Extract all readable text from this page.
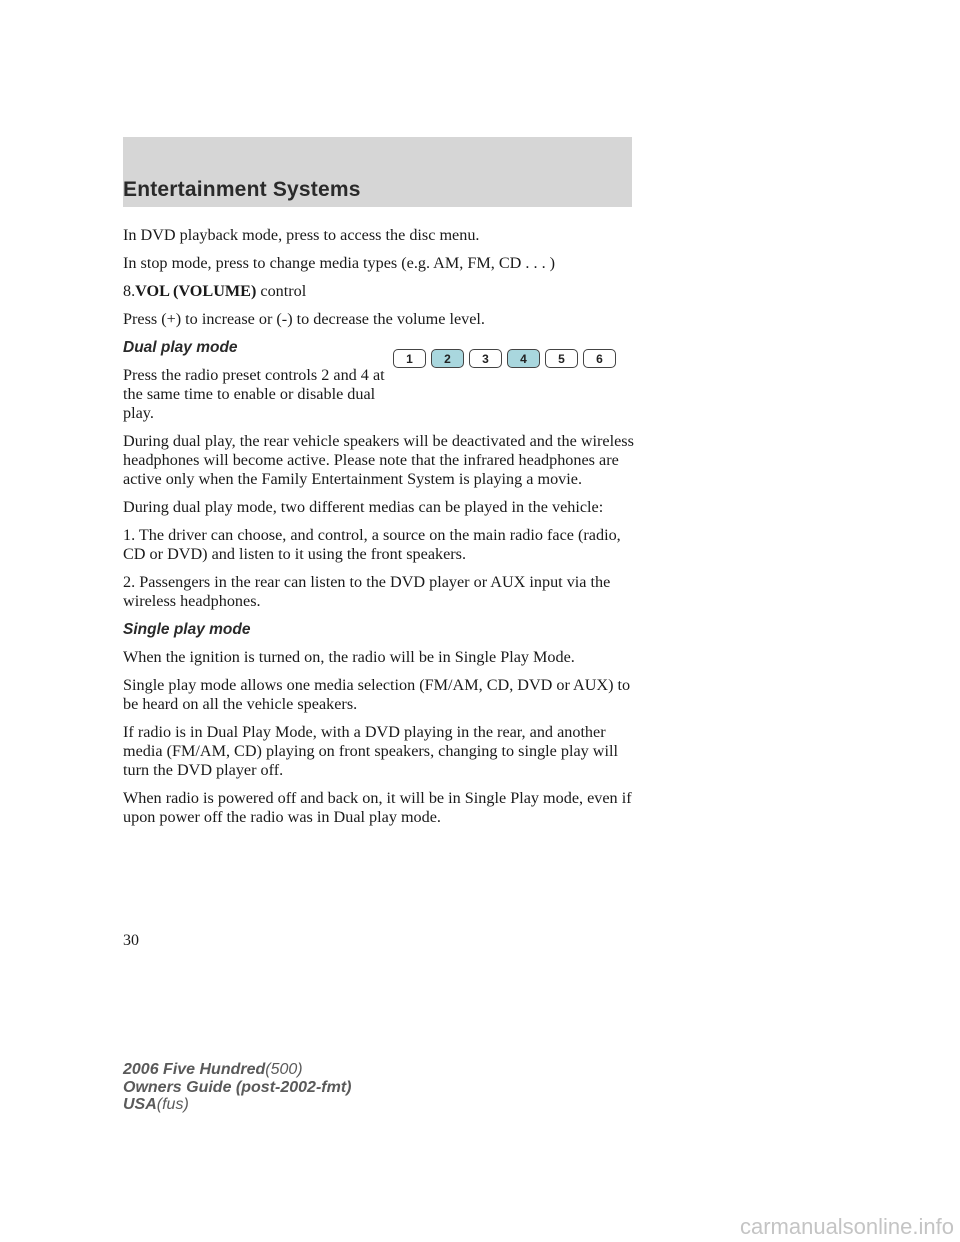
Entertainment Systems

In DVD playback mode, press to access the disc menu.

In stop mode, press to change media types (e.g. AM, FM, CD . . . )

8.VOL (VOLUME) control

Press (+) to increase or (-) to decrease the volume level.

Dual play mode

Press the radio preset controls 2 and 4 at the same time to enable or disable dual play.

During dual play, the rear vehicle speakers will be deactivated and the wireless headphones will become active. Please note that the infrared headphones are active only when the Family Entertainment System is playing a movie.

During dual play mode, two different medias can be played in the vehicle:

1. The driver can choose, and control, a source on the main radio face (radio, CD or DVD) and listen to it using the front speakers.

2. Passengers in the rear can listen to the DVD player or AUX input via the wireless headphones.

Single play mode

When the ignition is turned on, the radio will be in Single Play Mode.

Single play mode allows one media selection (FM/AM, CD, DVD or AUX) to be heard on all the vehicle speakers.

If radio is in Dual Play Mode, with a DVD playing in the rear, and another media (FM/AM, CD) playing on front speakers, changing to single play will turn the DVD player off.

When radio is powered off and back on, it will be in Single Play mode, even if upon power off the radio was in Dual play mode.

1	2	3	4	5	6
30
2006 Five Hundred(500)
Owners Guide (post-2002-fmt)
USA(fus)
carmanualsonline.info
